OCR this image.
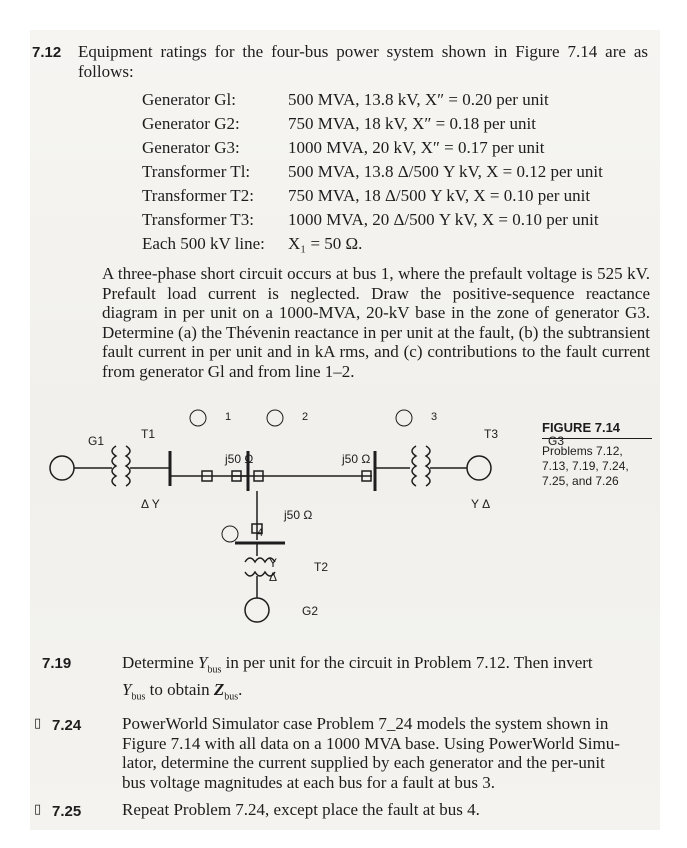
7.12 Equipment ratings for the four-bus power system shown in Figure 7.14 are as follows:
Generator Gl:	500 MVA, 13.8 kV, X″ = 0.20 per unit
Generator G2:	750 MVA, 18 kV, X″ = 0.18 per unit
Generator G3:	1000 MVA, 20 kV, X″ = 0.17 per unit
Transformer Tl: 500 MVA, 13.8 Δ/500 Y kV, X = 0.12 per unit
Transformer T2: 750 MVA, 18 Δ/500 Y kV, X = 0.10 per unit
Transformer T3: 1000 MVA, 20 Δ/500 Y kV, X = 0.10 per unit
Each 500 kV line: X₁ = 50 Ω.
A three-phase short circuit occurs at bus 1, where the prefault voltage is 525 kV. Prefault load current is neglected. Draw the positive-sequence reactance diagram in per unit on a 1000-MVA, 20-kV base in the zone of generator G3. Determine (a) the Thévenin reactance in per unit at the fault, (b) the subtransient fault current in per unit and in kA rms, and (c) contributions to the fault current from generator Gl and from line 1–2.
G1	T1
1	2	3
T3	G3
j50 Ω	j50 Ω
Δ Y	Y Δ
j50 Ω
4
Y
Δ
T2
G2
FIGURE 7.14
Problems 7.12, 7.13, 7.19, 7.24, 7.25, and 7.26
7.19	Determine $Y_{bus}$ in per unit for the circuit in Problem 7.12. Then invert
$Y_{bus}$ to obtain $Z_{bus}$.
▯ 7.24 PowerWorld Simulator case Problem 7_24 models the system shown in
Figure 7.14 with all data on a 1000 MVA base. Using PowerWorld Simu-
lator, determine the current supplied by each generator and the per-unit
bus voltage magnitudes at each bus for a fault at bus 3.
▯ 7.25 Repeat Problem 7.24, except place the fault at bus 4.
